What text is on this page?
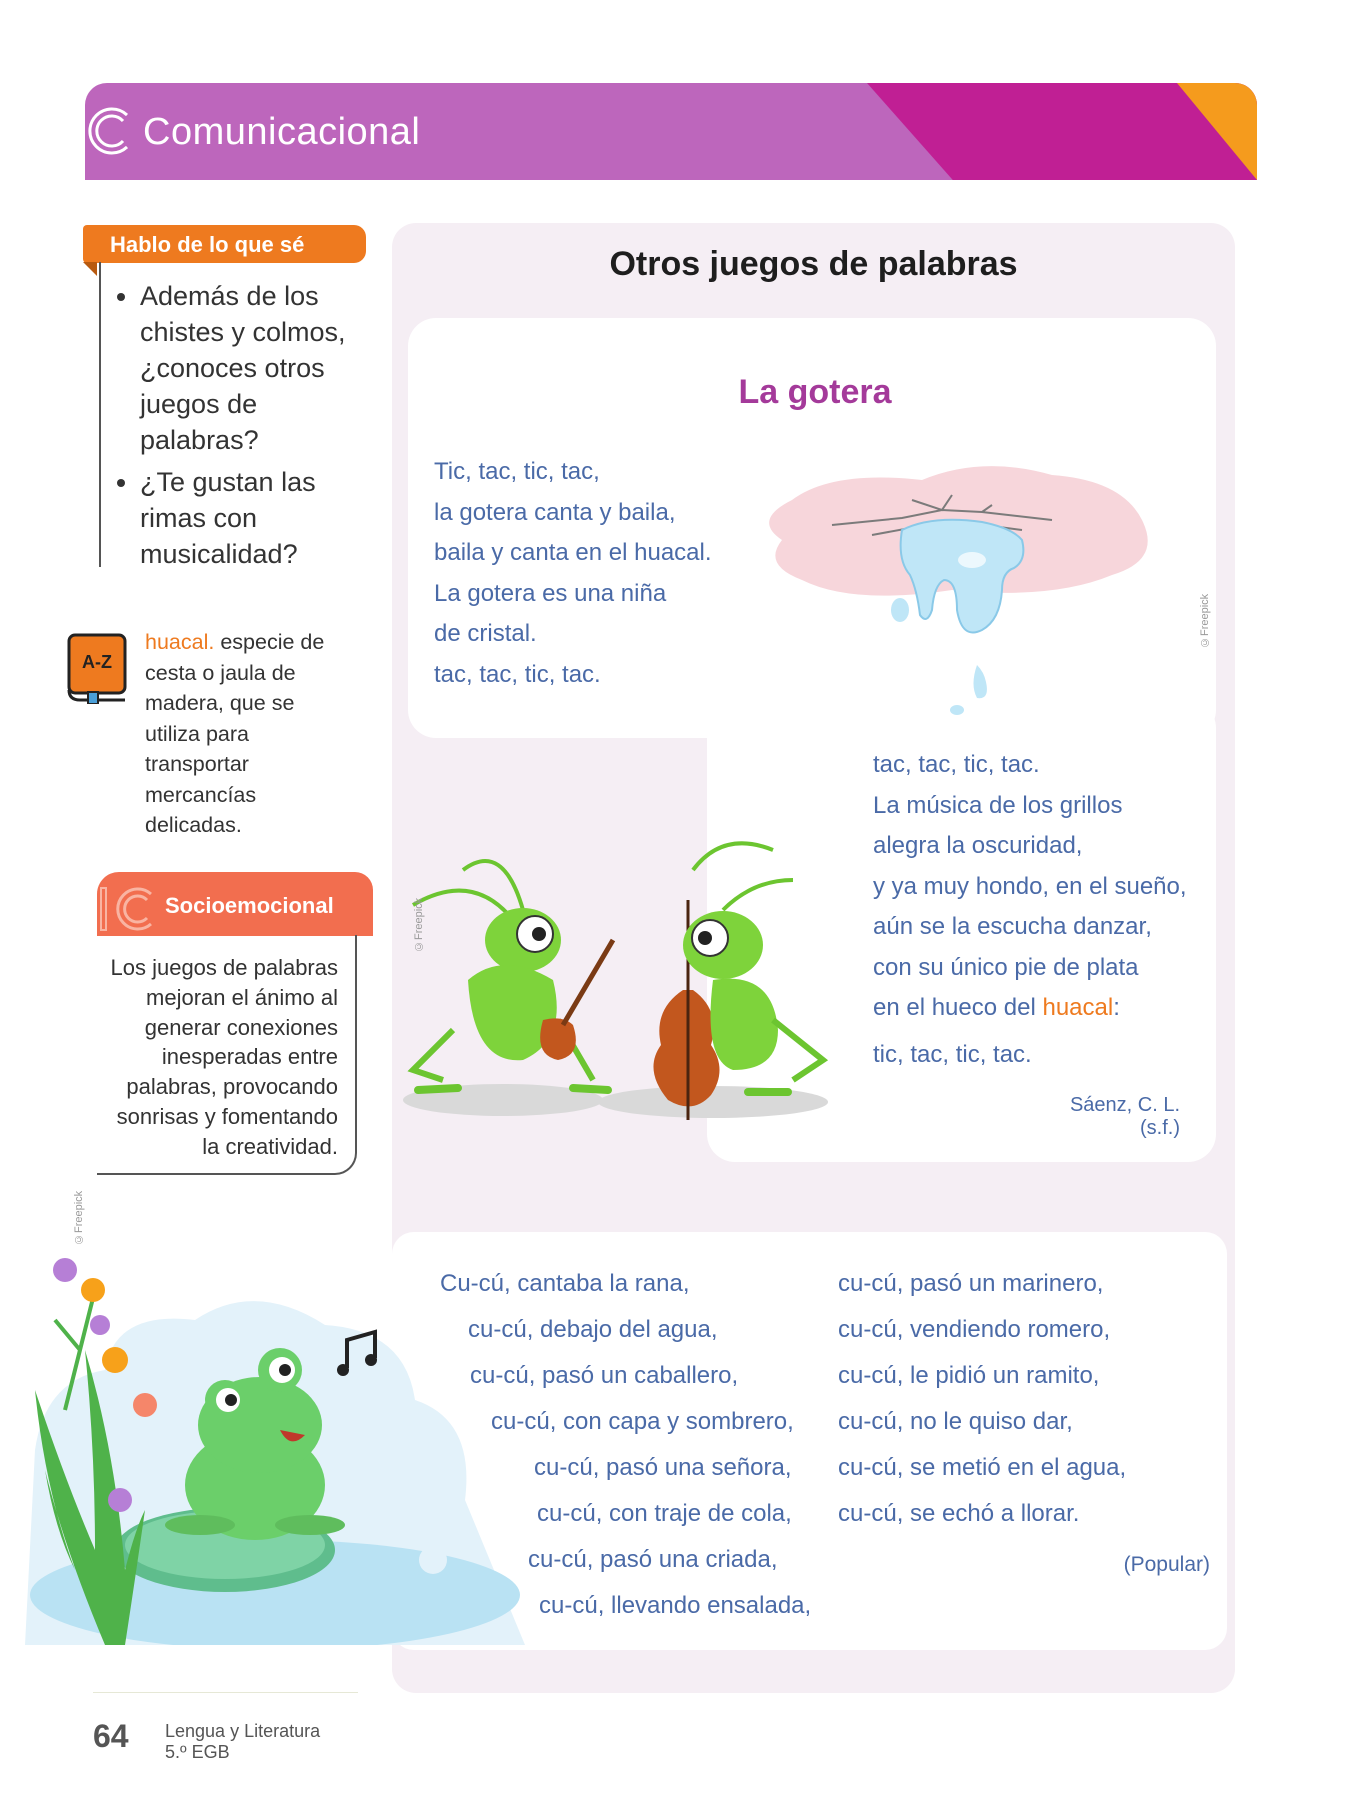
Comunicacional
DUA
Participación
Hablo de lo que sé
• Además de los chistes y colmos, ¿conoces otros juegos de palabras?
• ¿Te gustan las rimas con musicalidad?
A-Z
huacal. especie de cesta o jaula de madera, que se utiliza para transportar mercancías delicadas.
Socioemocional
Los juegos de palabras mejoran el ánimo al generar conexiones inesperadas entre palabras, provocando sonrisas y fomentando la creatividad.
Otros juegos de palabras
La gotera
Tic, tac, tic, tac,
la gotera canta y baila,
baila y canta en el huacal.
La gotera es una niña
de cristal.
tac, tac, tic, tac.
©Freepick
©Freepick
tac, tac, tic, tac.
La música de los grillos
alegra la oscuridad,
y ya muy hondo, en el sueño,
aún se la escucha danzar,
con su único pie de plata
en el hueco del huacal:
tic, tac, tic, tac.
Sáenz, C. L. (s.f.)
©Freepick
Cu-cú, cantaba la rana,
cu-cú, debajo del agua,
cu-cú, pasó un caballero,
cu-cú, con capa y sombrero,
cu-cú, pasó una señora,
cu-cú, con traje de cola,
cu-cú, pasó una criada,
cu-cú, llevando ensalada,
cu-cú, pasó un marinero,
cu-cú, vendiendo romero,
cu-cú, le pidió un ramito,
cu-cú, no le quiso dar,
cu-cú, se metió en el agua,
cu-cú, se echó a llorar.
(Popular)
64 Lengua y Literatura
5.º EGB
